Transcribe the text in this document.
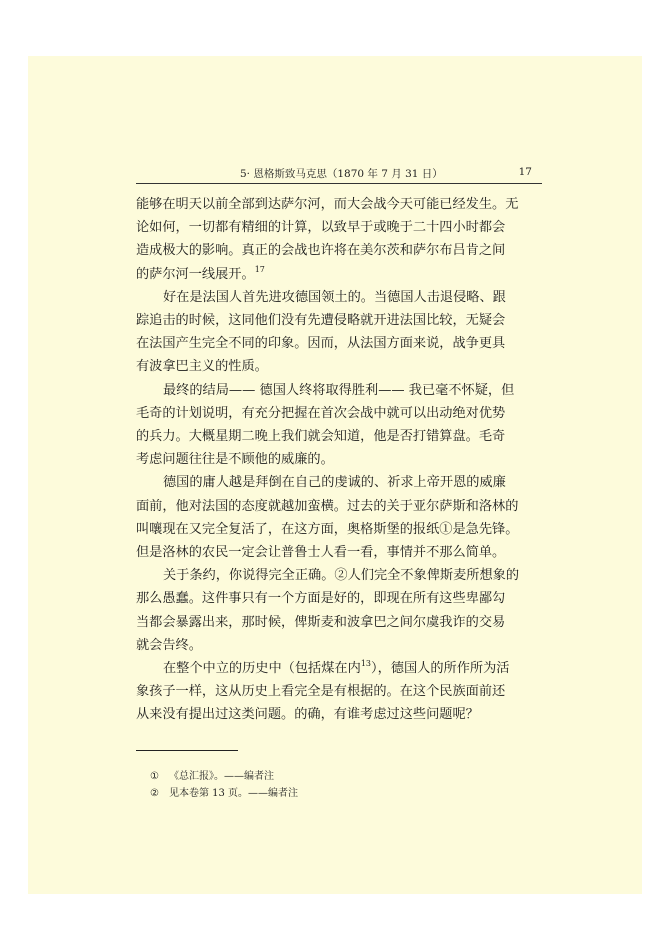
5· 恩格斯致马克思（1870 年 7 月 31 日）	17
能够在明天以前全部到达萨尔河，而大会战今天可能已经发生。无
论如何，一切都有精细的计算，以致早于或晚于二十四小时都会
造成极大的影响。真正的会战也许将在美尔茨和萨尔布吕肯之间
的萨尔河一线展开。$^{17}$
好在是法国人首先进攻德国领土的。当德国人击退侵略、跟
踪追击的时候，这同他们没有先遭侵略就开进法国比较，无疑会
在法国产生完全不同的印象。因而，从法国方面来说，战争更具
有波拿巴主义的性质。
最终的结局—— 德国人终将取得胜利—— 我已毫不怀疑，但
毛奇的计划说明，有充分把握在首次会战中就可以出动绝对优势
的兵力。大概星期二晚上我们就会知道，他是否打错算盘。毛奇
考虑问题往往是不顾他的威廉的。
德国的庸人越是拜倒在自己的虔诚的、祈求上帝开恩的威廉
面前，他对法国的态度就越加蛮横。过去的关于亚尔萨斯和洛林的
叫嚷现在又完全复活了，在这方面，奥格斯堡的报纸①是急先锋。
但是洛林的农民一定会让普鲁士人看一看，事情并不那么简单。
关于条约，你说得完全正确。②人们完全不象俾斯麦所想象的
那么愚蠢。这件事只有一个方面是好的，即现在所有这些卑鄙勾
当都会暴露出来，那时候，俾斯麦和波拿巴之间尔虞我诈的交易
就会告终。
在整个中立的历史中（包括煤在内$^{13}$），德国人的所作所为活
象孩子一样，这从历史上看完全是有根据的。在这个民族面前还
从来没有提出过这类问题。的确，有谁考虑过这些问题呢？
① 《总汇报》。——编者注
② 见本卷第 13 页。——编者注
